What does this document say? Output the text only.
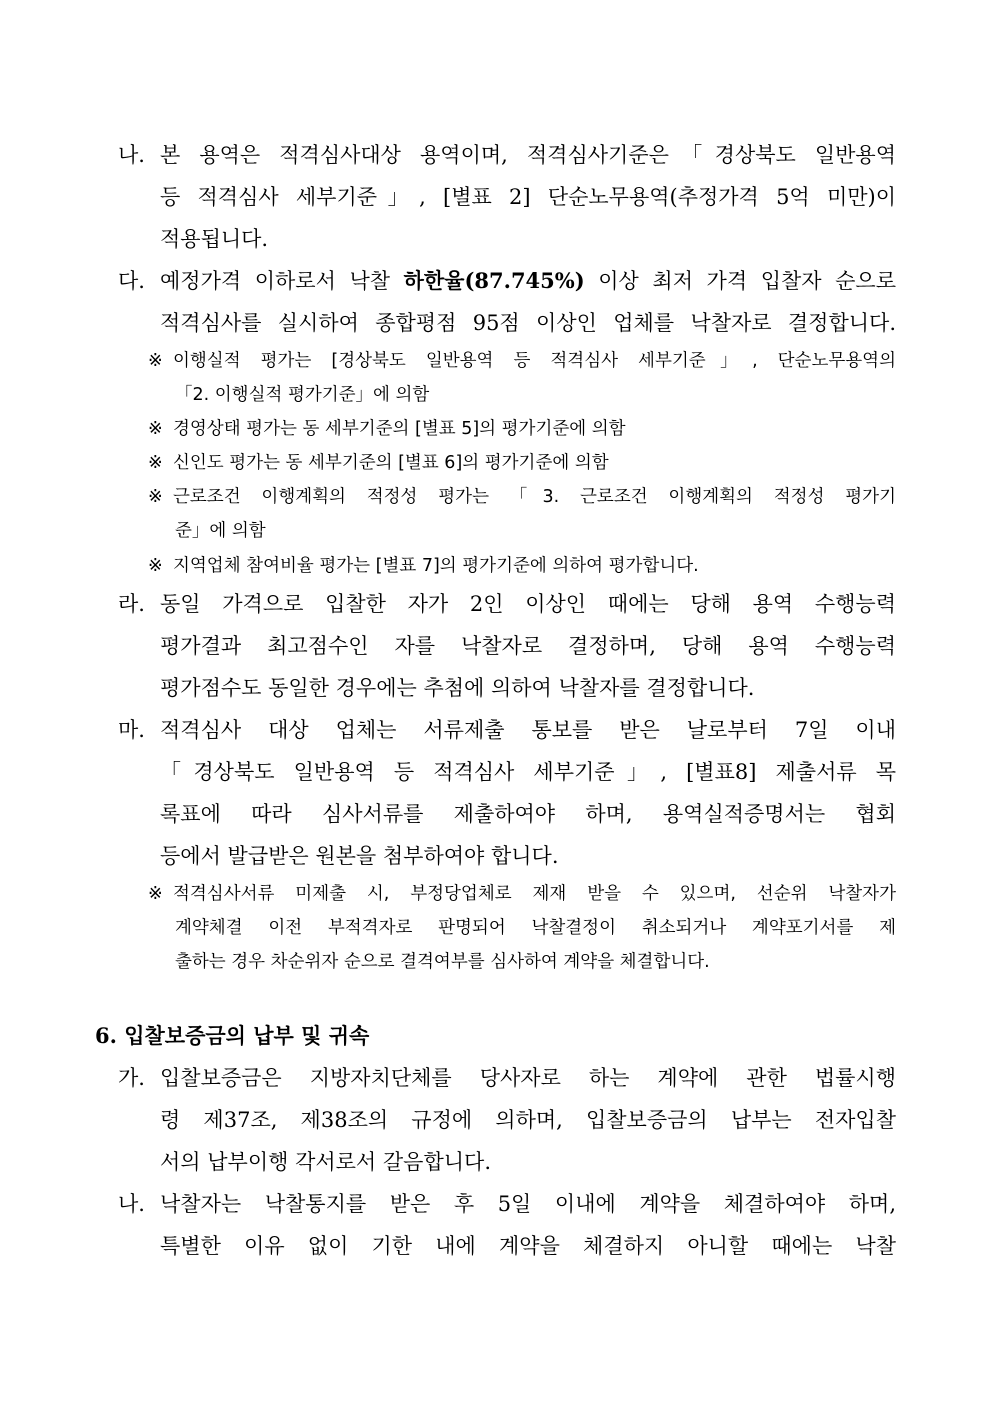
나. 본 용역은 적격심사대상 용역이며, 적격심사기준은「경상북도 일반용역
등 적격심사 세부기준」, [별표 2] 단순노무용역(추정가격 5억 미만)이
적용됩니다.
다. 예정가격 이하로서 낙찰 하한율(87.745%) 이상 최저 가격 입찰자 순으로
적격심사를 실시하여 종합평점 95점 이상인 업체를 낙찰자로 결정합니다.
※ 이행실적 평가는 [경상북도 일반용역 등 적격심사 세부기준」, 단순노무용역의
「2. 이행실적 평가기준」에 의함
※ 경영상태 평가는 동 세부기준의 [별표 5]의 평가기준에 의함
※ 신인도 평가는 동 세부기준의 [별표 6]의 평가기준에 의함
※ 근로조건 이행계획의 적정성 평가는 「3. 근로조건 이행계획의 적정성 평가기
준」에 의함
※ 지역업체 참여비율 평가는 [별표 7]의 평가기준에 의하여 평가합니다.
라. 동일 가격으로 입찰한 자가 2인 이상인 때에는 당해 용역 수행능력
평가결과 최고점수인 자를 낙찰자로 결정하며, 당해 용역 수행능력
평가점수도 동일한 경우에는 추첨에 의하여 낙찰자를 결정합니다.
마. 적격심사 대상 업체는 서류제출 통보를 받은 날로부터 7일 이내
「경상북도 일반용역 등 적격심사 세부기준」, [별표8] 제출서류 목
록표에 따라 심사서류를 제출하여야 하며, 용역실적증명서는 협회
등에서 발급받은 원본을 첨부하여야 합니다.
※ 적격심사서류 미제출 시, 부정당업체로 제재 받을 수 있으며, 선순위 낙찰자가
계약체결 이전 부적격자로 판명되어 낙찰결정이 취소되거나 계약포기서를 제
출하는 경우 차순위자 순으로 결격여부를 심사하여 계약을 체결합니다.
6. 입찰보증금의 납부 및 귀속
가. 입찰보증금은 지방자치단체를 당사자로 하는 계약에 관한 법률시행
령 제37조, 제38조의 규정에 의하며, 입찰보증금의 납부는 전자입찰
서의 납부이행 각서로서 갈음합니다.
나. 낙찰자는 낙찰통지를 받은 후 5일 이내에 계약을 체결하여야 하며,
특별한 이유 없이 기한 내에 계약을 체결하지 아니할 때에는 낙찰
